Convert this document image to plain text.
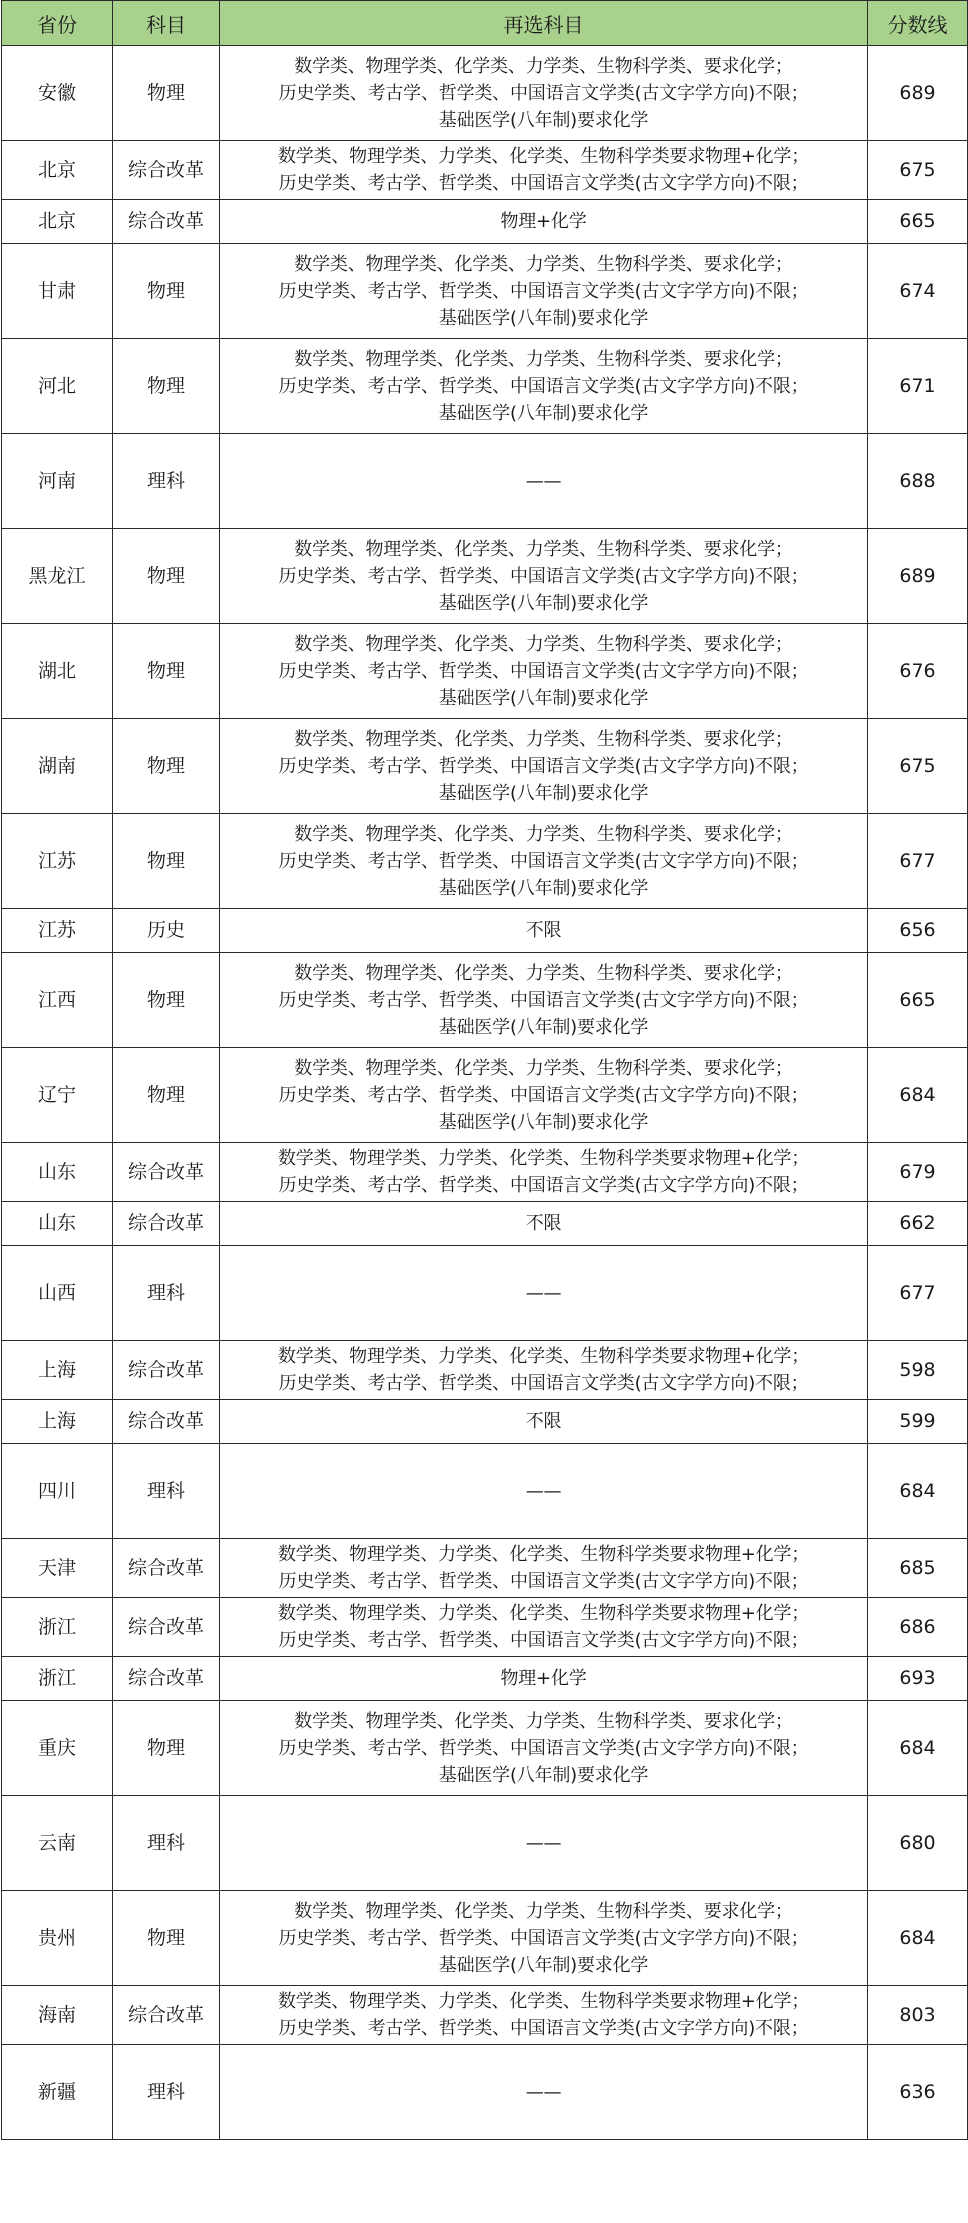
省份	科目	再选科目	分数线
安徽	物理	数学类、物理学类、化学类、力学类、生物科学类、要求化学；
历史学类、考古学、哲学类、中国语言文学类(古文字学方向)不限；
基础医学(八年制)要求化学	689
北京	综合改革	数学类、物理学类、力学类、化学类、生物科学类要求物理+化学；
历史学类、考古学、哲学类、中国语言文学类(古文字学方向)不限；	675
北京	综合改革	物理+化学	665
甘肃	物理	数学类、物理学类、化学类、力学类、生物科学类、要求化学；
历史学类、考古学、哲学类、中国语言文学类(古文字学方向)不限；
基础医学(八年制)要求化学	674
河北	物理	数学类、物理学类、化学类、力学类、生物科学类、要求化学；
历史学类、考古学、哲学类、中国语言文学类(古文字学方向)不限；
基础医学(八年制)要求化学	671
河南	理科	——	688
黑龙江	物理	数学类、物理学类、化学类、力学类、生物科学类、要求化学；
历史学类、考古学、哲学类、中国语言文学类(古文字学方向)不限；
基础医学(八年制)要求化学	689
湖北	物理	数学类、物理学类、化学类、力学类、生物科学类、要求化学；
历史学类、考古学、哲学类、中国语言文学类(古文字学方向)不限；
基础医学(八年制)要求化学	676
湖南	物理	数学类、物理学类、化学类、力学类、生物科学类、要求化学；
历史学类、考古学、哲学类、中国语言文学类(古文字学方向)不限；
基础医学(八年制)要求化学	675
江苏	物理	数学类、物理学类、化学类、力学类、生物科学类、要求化学；
历史学类、考古学、哲学类、中国语言文学类(古文字学方向)不限；
基础医学(八年制)要求化学	677
江苏	历史	不限	656
江西	物理	数学类、物理学类、化学类、力学类、生物科学类、要求化学；
历史学类、考古学、哲学类、中国语言文学类(古文字学方向)不限；
基础医学(八年制)要求化学	665
辽宁	物理	数学类、物理学类、化学类、力学类、生物科学类、要求化学；
历史学类、考古学、哲学类、中国语言文学类(古文字学方向)不限；
基础医学(八年制)要求化学	684
山东	综合改革	数学类、物理学类、力学类、化学类、生物科学类要求物理+化学；
历史学类、考古学、哲学类、中国语言文学类(古文字学方向)不限；	679
山东	综合改革	不限	662
山西	理科	——	677
上海	综合改革	数学类、物理学类、力学类、化学类、生物科学类要求物理+化学；
历史学类、考古学、哲学类、中国语言文学类(古文字学方向)不限；	598
上海	综合改革	不限	599
四川	理科	——	684
天津	综合改革	数学类、物理学类、力学类、化学类、生物科学类要求物理+化学；
历史学类、考古学、哲学类、中国语言文学类(古文字学方向)不限；	685
浙江	综合改革	数学类、物理学类、力学类、化学类、生物科学类要求物理+化学；
历史学类、考古学、哲学类、中国语言文学类(古文字学方向)不限；	686
浙江	综合改革	物理+化学	693
重庆	物理	数学类、物理学类、化学类、力学类、生物科学类、要求化学；
历史学类、考古学、哲学类、中国语言文学类(古文字学方向)不限；
基础医学(八年制)要求化学	684
云南	理科	——	680
贵州	物理	数学类、物理学类、化学类、力学类、生物科学类、要求化学；
历史学类、考古学、哲学类、中国语言文学类(古文字学方向)不限；
基础医学(八年制)要求化学	684
海南	综合改革	数学类、物理学类、力学类、化学类、生物科学类要求物理+化学；
历史学类、考古学、哲学类、中国语言文学类(古文字学方向)不限；	803
新疆	理科	——	636
